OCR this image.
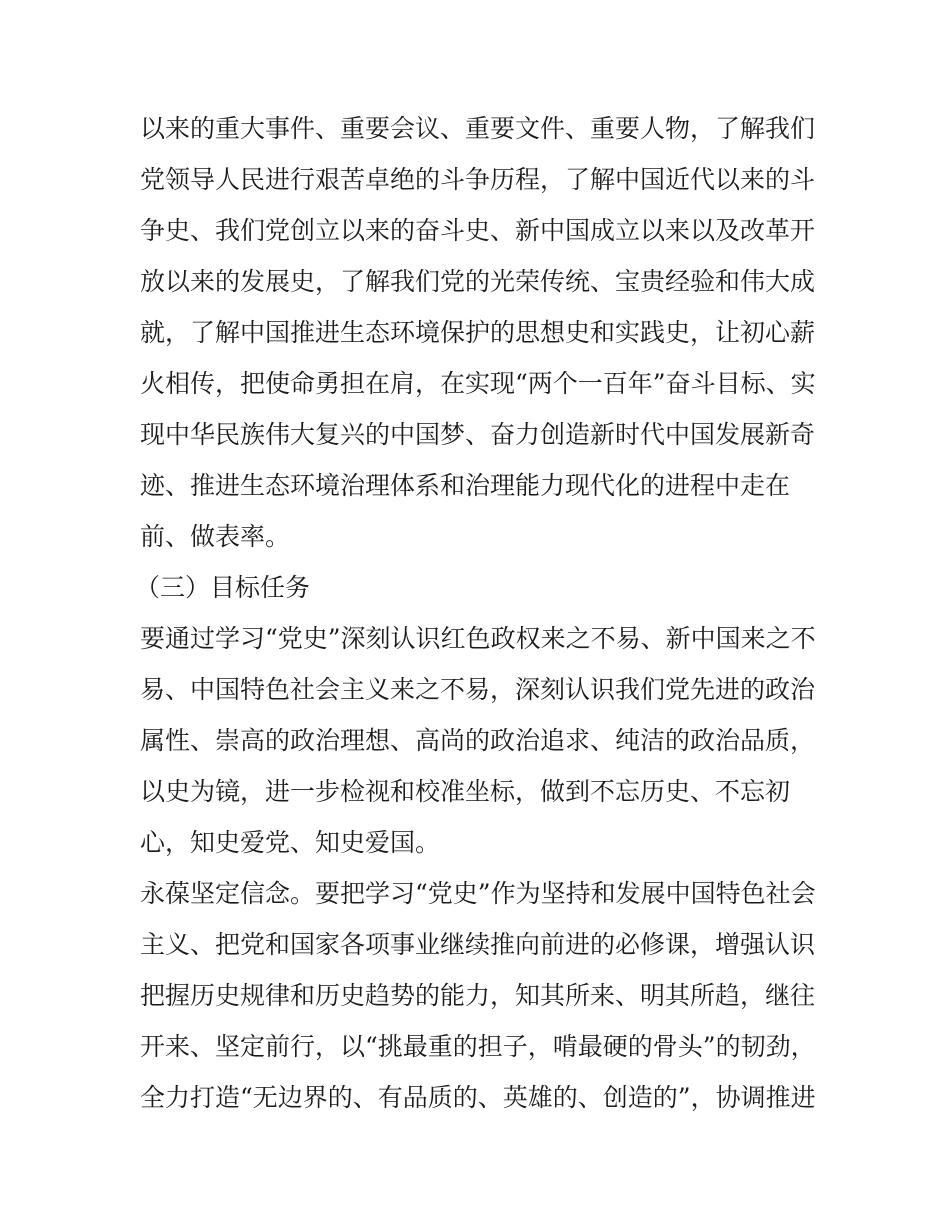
以来的重大事件、重要会议、重要文件、重要人物，了解我们
党领导人民进行艰苦卓绝的斗争历程，了解中国近代以来的斗
争史、我们党创立以来的奋斗史、新中国成立以来以及改革开
放以来的发展史，了解我们党的光荣传统、宝贵经验和伟大成
就，了解中国推进生态环境保护的思想史和实践史，让初心薪
火相传，把使命勇担在肩，在实现“两个一百年”奋斗目标、实
现中华民族伟大复兴的中国梦、奋力创造新时代中国发展新奇
迹、推进生态环境治理体系和治理能力现代化的进程中走在
前、做表率。
（三）目标任务
要通过学习“党史”深刻认识红色政权来之不易、新中国来之不
易、中国特色社会主义来之不易，深刻认识我们党先进的政治
属性、崇高的政治理想、高尚的政治追求、纯洁的政治品质，
以史为镜，进一步检视和校准坐标，做到不忘历史、不忘初
心，知史爱党、知史爱国。
永葆坚定信念。要把学习“党史”作为坚持和发展中国特色社会
主义、把党和国家各项事业继续推向前进的必修课，增强认识
把握历史规律和历史趋势的能力，知其所来、明其所趋，继往
开来、坚定前行，以“挑最重的担子，啃最硬的骨头”的韧劲，
全力打造“无边界的、有品质的、英雄的、创造的”，协调推进
